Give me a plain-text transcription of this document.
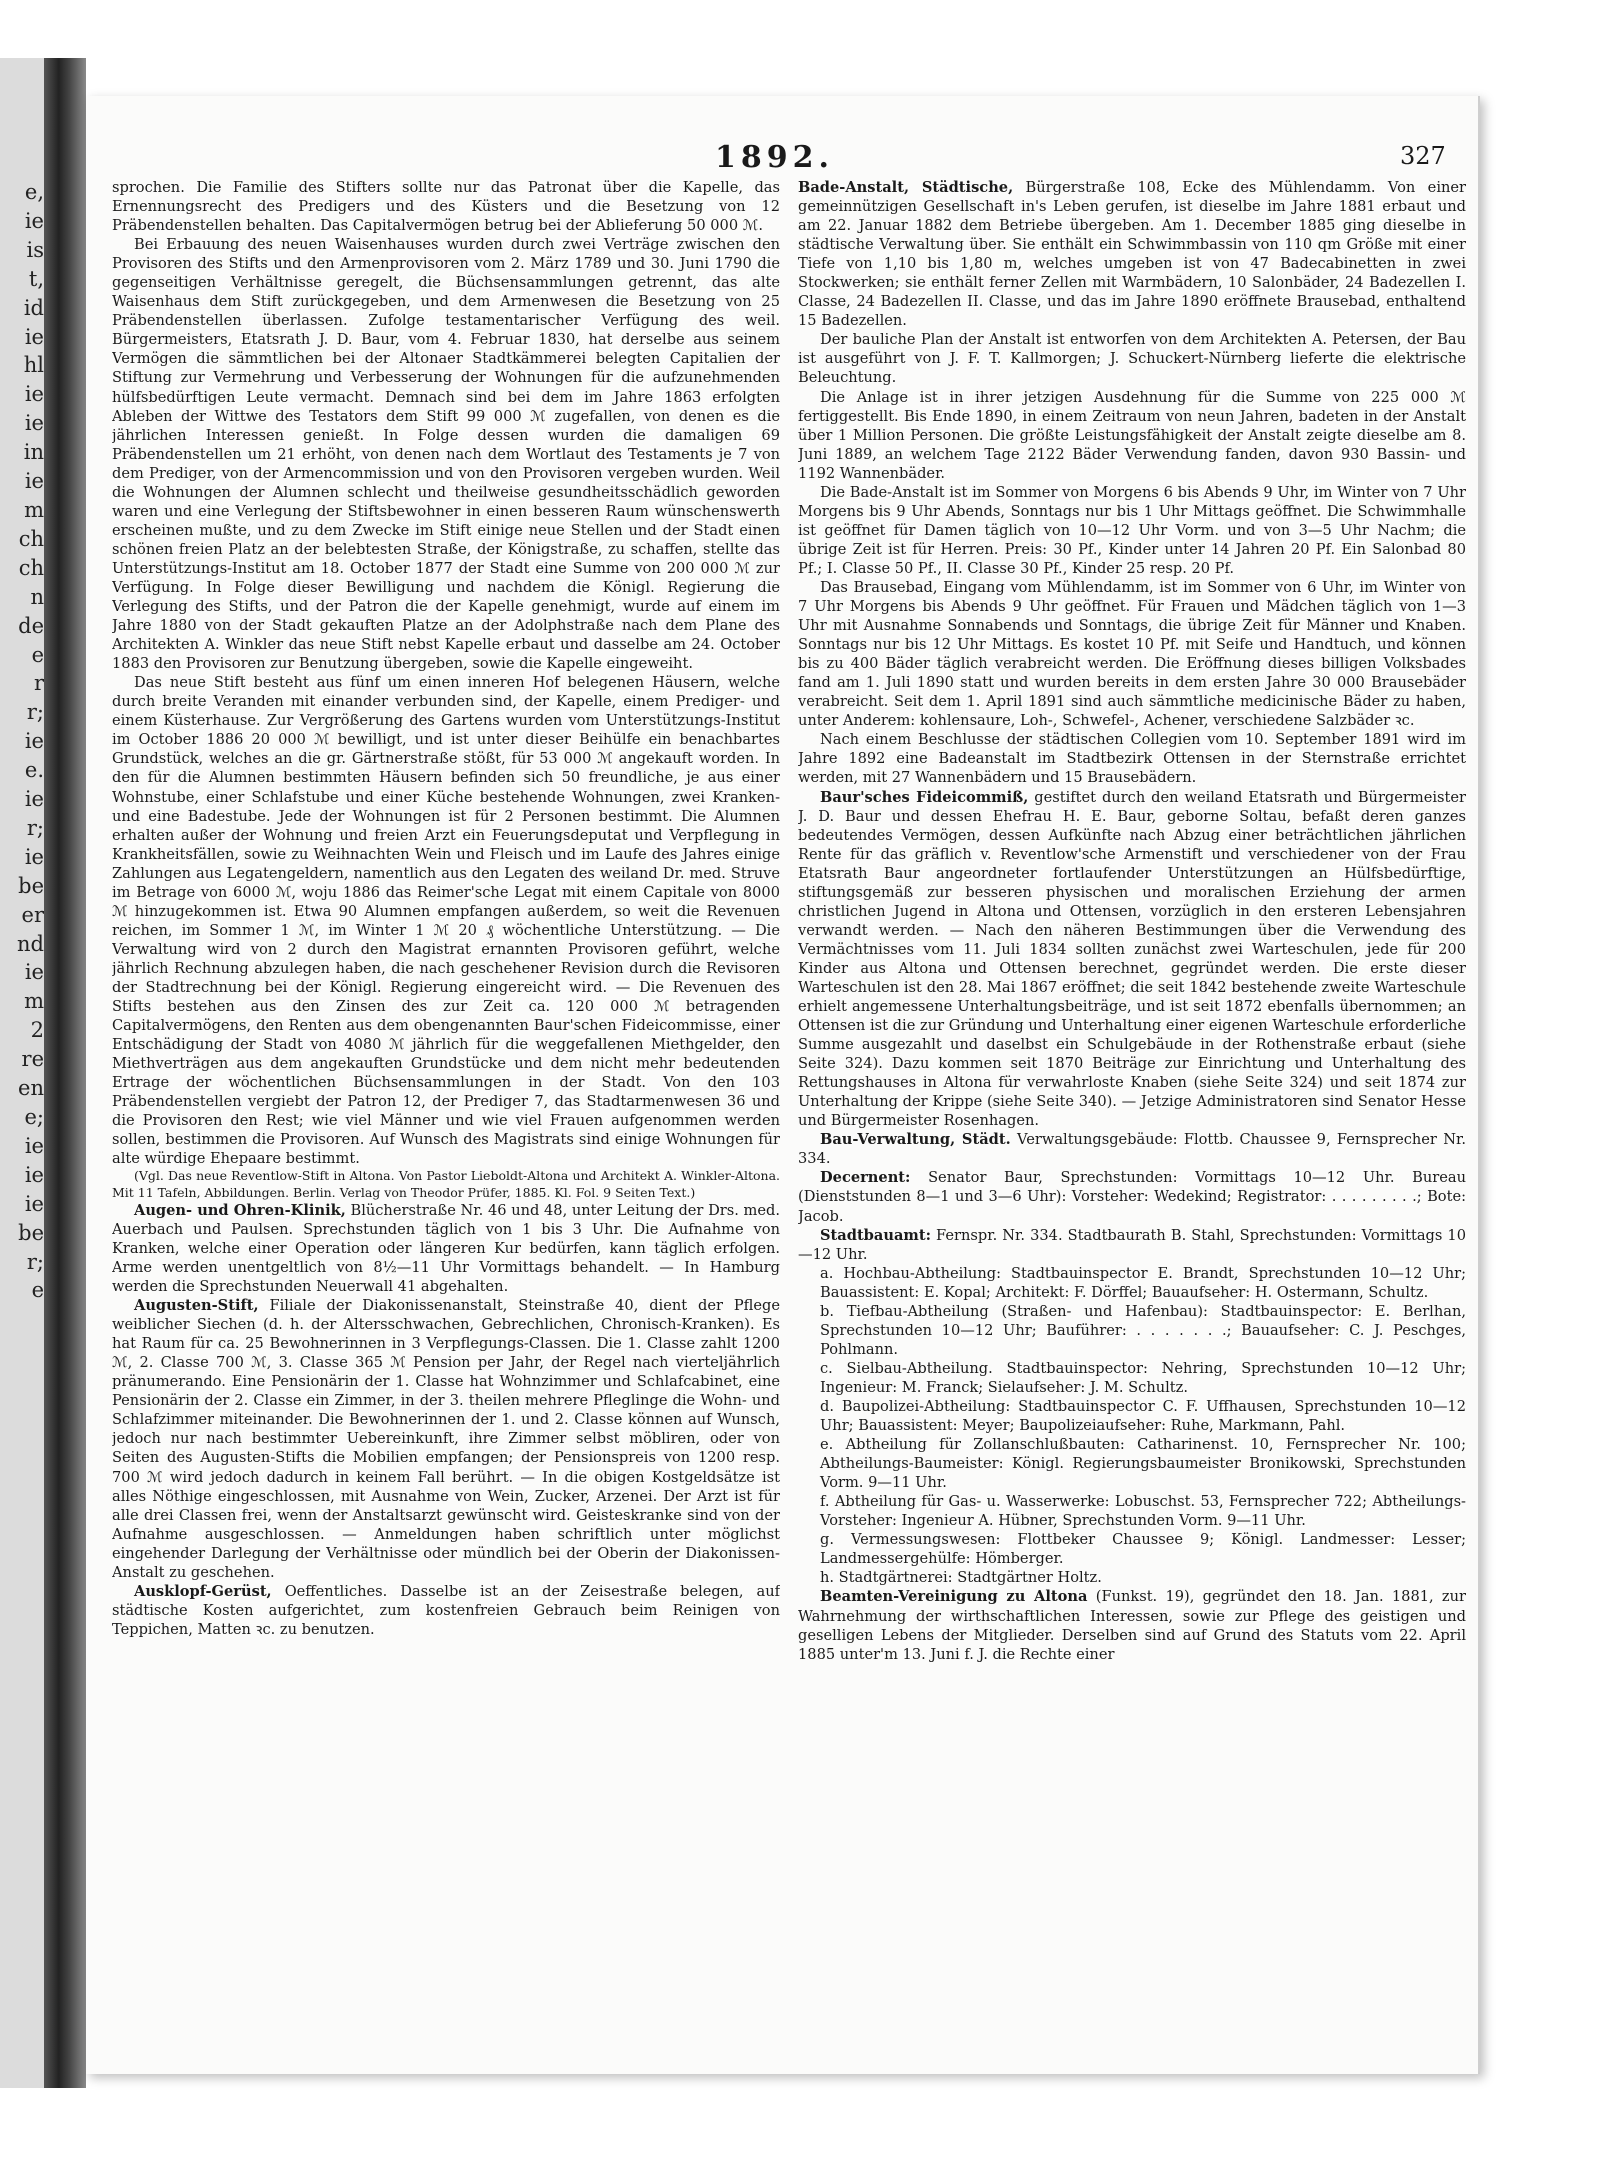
e,
ie
is
t,
id
ie
hl
ie
ie
in
ie
m
ch
ch
n
de
e
r
r;
ie
e.
ie
r;
ie
be
er
nd
ie
m
2
re
en
e;
ie
ie
ie
be
r;
e
1892.	327

sprochen. Die Familie des Stifters sollte nur das Patronat über die Kapelle, das Ernennungsrecht des Predigers und des Küsters und die Besetzung von 12 Präbendenstellen behalten. Das Capitalvermögen betrug bei der Ablieferung 50 000 ℳ.

Bei Erbauung des neuen Waisenhauses wurden durch zwei Verträge zwischen den Provisoren des Stifts und den Armenprovisoren vom 2. März 1789 und 30. Juni 1790 die gegenseitigen Verhältnisse geregelt, die Büchsensammlungen getrennt, das alte Waisenhaus dem Stift zurückgegeben, und dem Armenwesen die Besetzung von 25 Präbendenstellen überlassen. Zufolge testamentarischer Verfügung des weil. Bürgermeisters, Etatsrath J. D. Baur, vom 4. Februar 1830, hat derselbe aus seinem Vermögen die sämmtlichen bei der Altonaer Stadtkämmerei belegten Capitalien der Stiftung zur Vermehrung und Verbesserung der Wohnungen für die aufzunehmenden hülfsbedürftigen Leute vermacht. Demnach sind bei dem im Jahre 1863 erfolgten Ableben der Wittwe des Testators dem Stift 99 000 ℳ zugefallen, von denen es die jährlichen Interessen genießt. In Folge dessen wurden die damaligen 69 Präbendenstellen um 21 erhöht, von denen nach dem Wortlaut des Testaments je 7 von dem Prediger, von der Armencommission und von den Provisoren vergeben wurden. Weil die Wohnungen der Alumnen schlecht und theilweise gesundheitsschädlich geworden waren und eine Verlegung der Stiftsbewohner in einen besseren Raum wünschenswerth erscheinen mußte, und zu dem Zwecke im Stift einige neue Stellen und der Stadt einen schönen freien Platz an der belebtesten Straße, der Königstraße, zu schaffen, stellte das Unterstützungs-Institut am 18. October 1877 der Stadt eine Summe von 200 000 ℳ zur Verfügung. In Folge dieser Bewilligung und nachdem die Königl. Regierung die Verlegung des Stifts, und der Patron die der Kapelle genehmigt, wurde auf einem im Jahre 1880 von der Stadt gekauften Platze an der Adolphstraße nach dem Plane des Architekten A. Winkler das neue Stift nebst Kapelle erbaut und dasselbe am 24. October 1883 den Provisoren zur Benutzung übergeben, sowie die Kapelle eingeweiht.

Das neue Stift besteht aus fünf um einen inneren Hof belegenen Häusern, welche durch breite Veranden mit einander verbunden sind, der Kapelle, einem Prediger- und einem Küsterhause. Zur Vergrößerung des Gartens wurden vom Unterstützungs-Institut im October 1886 20 000 ℳ bewilligt, und ist unter dieser Beihülfe ein benachbartes Grundstück, welches an die gr. Gärtnerstraße stößt, für 53 000 ℳ angekauft worden. In den für die Alumnen bestimmten Häusern befinden sich 50 freundliche, je aus einer Wohnstube, einer Schlafstube und einer Küche bestehende Wohnungen, zwei Kranken- und eine Badestube. Jede der Wohnungen ist für 2 Personen bestimmt. Die Alumnen erhalten außer der Wohnung und freien Arzt ein Feuerungsdeputat und Verpflegung in Krankheitsfällen, sowie zu Weihnachten Wein und Fleisch und im Laufe des Jahres einige Zahlungen aus Legatengeldern, namentlich aus den Legaten des weiland Dr. med. Struve im Betrage von 6000 ℳ, woju 1886 das Reimer'sche Legat mit einem Capitale von 8000 ℳ hinzugekommen ist. Etwa 90 Alumnen empfangen außerdem, so weit die Revenuen reichen, im Sommer 1 ℳ, im Winter 1 ℳ 20 ₰ wöchentliche Unterstützung. — Die Verwaltung wird von 2 durch den Magistrat ernannten Provisoren geführt, welche jährlich Rechnung abzulegen haben, die nach geschehener Revision durch die Revisoren der Stadtrechnung bei der Königl. Regierung eingereicht wird. — Die Revenuen des Stifts bestehen aus den Zinsen des zur Zeit ca. 120 000 ℳ betragenden Capitalvermögens, den Renten aus dem obengenannten Baur'schen Fideicommisse, einer Entschädigung der Stadt von 4080 ℳ jährlich für die weggefallenen Miethgelder, den Miethverträgen aus dem angekauften Grundstücke und dem nicht mehr bedeutenden Ertrage der wöchentlichen Büchsensammlungen in der Stadt. Von den 103 Präbendenstellen vergiebt der Patron 12, der Prediger 7, das Stadtarmenwesen 36 und die Provisoren den Rest; wie viel Männer und wie viel Frauen aufgenommen werden sollen, bestimmen die Provisoren. Auf Wunsch des Magistrats sind einige Wohnungen für alte würdige Ehepaare bestimmt.

(Vgl. Das neue Reventlow-Stift in Altona. Von Pastor Lieboldt-Altona und Architekt A. Winkler-Altona. Mit 11 Tafeln, Abbildungen. Berlin. Verlag von Theodor Prüfer, 1885. Kl. Fol. 9 Seiten Text.)

Augen- und Ohren-Klinik, Blücherstraße Nr. 46 und 48, unter Leitung der Drs. med. Auerbach und Paulsen. Sprechstunden täglich von 1 bis 3 Uhr. Die Aufnahme von Kranken, welche einer Operation oder längeren Kur bedürfen, kann täglich erfolgen. Arme werden unentgeltlich von 8½—11 Uhr Vormittags behandelt. — In Hamburg werden die Sprechstunden Neuerwall 41 abgehalten.

Augusten-Stift, Filiale der Diakonissenanstalt, Steinstraße 40, dient der Pflege weiblicher Siechen (d. h. der Altersschwachen, Gebrechlichen, Chronisch-Kranken). Es hat Raum für ca. 25 Bewohnerinnen in 3 Verpflegungs-Classen. Die 1. Classe zahlt 1200 ℳ, 2. Classe 700 ℳ, 3. Classe 365 ℳ Pension per Jahr, der Regel nach vierteljährlich pränumerando. Eine Pensionärin der 1. Classe hat Wohnzimmer und Schlafcabinet, eine Pensionärin der 2. Classe ein Zimmer, in der 3. theilen mehrere Pfleglinge die Wohn- und Schlafzimmer miteinander. Die Bewohnerinnen der 1. und 2. Classe können auf Wunsch, jedoch nur nach bestimmter Uebereinkunft, ihre Zimmer selbst möbliren, oder von Seiten des Augusten-Stifts die Mobilien empfangen; der Pensionspreis von 1200 resp. 700 ℳ wird jedoch dadurch in keinem Fall berührt. — In die obigen Kostgeldsätze ist alles Nöthige eingeschlossen, mit Ausnahme von Wein, Zucker, Arzenei. Der Arzt ist für alle drei Classen frei, wenn der Anstaltsarzt gewünscht wird. Geisteskranke sind von der Aufnahme ausgeschlossen. — Anmeldungen haben schriftlich unter möglichst eingehender Darlegung der Verhältnisse oder mündlich bei der Oberin der Diakonissen-Anstalt zu geschehen.

Ausklopf-Gerüst, Oeffentliches. Dasselbe ist an der Zeisestraße belegen, auf städtische Kosten aufgerichtet, zum kostenfreien Gebrauch beim Reinigen von Teppichen, Matten ꝛc. zu benutzen.

Bade-Anstalt, Städtische, Bürgerstraße 108, Ecke des Mühlendamm. Von einer gemeinnützigen Gesellschaft in's Leben gerufen, ist dieselbe im Jahre 1881 erbaut und am 22. Januar 1882 dem Betriebe übergeben. Am 1. December 1885 ging dieselbe in städtische Verwaltung über. Sie enthält ein Schwimmbassin von 110 qm Größe mit einer Tiefe von 1,10 bis 1,80 m, welches umgeben ist von 47 Badecabinetten in zwei Stockwerken; sie enthält ferner Zellen mit Warmbädern, 10 Salonbäder, 24 Badezellen I. Classe, 24 Badezellen II. Classe, und das im Jahre 1890 eröffnete Brausebad, enthaltend 15 Badezellen.

Der bauliche Plan der Anstalt ist entworfen von dem Architekten A. Petersen, der Bau ist ausgeführt von J. F. T. Kallmorgen; J. Schuckert-Nürnberg lieferte die elektrische Beleuchtung.

Die Anlage ist in ihrer jetzigen Ausdehnung für die Summe von 225 000 ℳ fertiggestellt. Bis Ende 1890, in einem Zeitraum von neun Jahren, badeten in der Anstalt über 1 Million Personen. Die größte Leistungsfähigkeit der Anstalt zeigte dieselbe am 8. Juni 1889, an welchem Tage 2122 Bäder Verwendung fanden, davon 930 Bassin- und 1192 Wannenbäder.

Die Bade-Anstalt ist im Sommer von Morgens 6 bis Abends 9 Uhr, im Winter von 7 Uhr Morgens bis 9 Uhr Abends, Sonntags nur bis 1 Uhr Mittags geöffnet. Die Schwimmhalle ist geöffnet für Damen täglich von 10—12 Uhr Vorm. und von 3—5 Uhr Nachm; die übrige Zeit ist für Herren. Preis: 30 Pf., Kinder unter 14 Jahren 20 Pf. Ein Salonbad 80 Pf.; I. Classe 50 Pf., II. Classe 30 Pf., Kinder 25 resp. 20 Pf.

Das Brausebad, Eingang vom Mühlendamm, ist im Sommer von 6 Uhr, im Winter von 7 Uhr Morgens bis Abends 9 Uhr geöffnet. Für Frauen und Mädchen täglich von 1—3 Uhr mit Ausnahme Sonnabends und Sonntags, die übrige Zeit für Männer und Knaben. Sonntags nur bis 12 Uhr Mittags. Es kostet 10 Pf. mit Seife und Handtuch, und können bis zu 400 Bäder täglich verabreicht werden. Die Eröffnung dieses billigen Volksbades fand am 1. Juli 1890 statt und wurden bereits in dem ersten Jahre 30 000 Brausebäder verabreicht. Seit dem 1. April 1891 sind auch sämmtliche medicinische Bäder zu haben, unter Anderem: kohlensaure, Loh-, Schwefel-, Achener, verschiedene Salzbäder ꝛc.

Nach einem Beschlusse der städtischen Collegien vom 10. September 1891 wird im Jahre 1892 eine Badeanstalt im Stadtbezirk Ottensen in der Sternstraße errichtet werden, mit 27 Wannenbädern und 15 Brausebädern.

Baur'sches Fideicommiß, gestiftet durch den weiland Etatsrath und Bürgermeister J. D. Baur und dessen Ehefrau H. E. Baur, geborne Soltau, befaßt deren ganzes bedeutendes Vermögen, dessen Aufkünfte nach Abzug einer beträchtlichen jährlichen Rente für das gräflich v. Reventlow'sche Armenstift und verschiedener von der Frau Etatsrath Baur angeordneter fortlaufender Unterstützungen an Hülfsbedürftige, stiftungsgemäß zur besseren physischen und moralischen Erziehung der armen christlichen Jugend in Altona und Ottensen, vorzüglich in den ersteren Lebensjahren verwandt werden. — Nach den näheren Bestimmungen über die Verwendung des Vermächtnisses vom 11. Juli 1834 sollten zunächst zwei Warteschulen, jede für 200 Kinder aus Altona und Ottensen berechnet, gegründet werden. Die erste dieser Warteschulen ist den 28. Mai 1867 eröffnet; die seit 1842 bestehende zweite Warteschule erhielt angemessene Unterhaltungsbeiträge, und ist seit 1872 ebenfalls übernommen; an Ottensen ist die zur Gründung und Unterhaltung einer eigenen Warteschule erforderliche Summe ausgezahlt und daselbst ein Schulgebäude in der Rothenstraße erbaut (siehe Seite 324). Dazu kommen seit 1870 Beiträge zur Einrichtung und Unterhaltung des Rettungshauses in Altona für verwahrloste Knaben (siehe Seite 324) und seit 1874 zur Unterhaltung der Krippe (siehe Seite 340). — Jetzige Administratoren sind Senator Hesse und Bürgermeister Rosenhagen.

Bau-Verwaltung, Städt. Verwaltungsgebäude: Flottb. Chaussee 9, Fernsprecher Nr. 334.

Decernent: Senator Baur, Sprechstunden: Vormittags 10—12 Uhr. Bureau (Dienststunden 8—1 und 3—6 Uhr): Vorsteher: Wedekind; Registrator: . . . . . . . . .; Bote: Jacob.

Stadtbauamt: Fernspr. Nr. 334. Stadtbaurath B. Stahl, Sprechstunden: Vormittags 10—12 Uhr.

a. Hochbau-Abtheilung: Stadtbauinspector E. Brandt, Sprechstunden 10—12 Uhr; Bauassistent: E. Kopal; Architekt: F. Dörffel; Bauaufseher: H. Ostermann, Schultz.

b. Tiefbau-Abtheilung (Straßen- und Hafenbau): Stadtbauinspector: E. Berlhan, Sprechstunden 10—12 Uhr; Bauführer: . . . . . . .; Bauaufseher: C. J. Peschges, Pohlmann.

c. Sielbau-Abtheilung. Stadtbauinspector: Nehring, Sprechstunden 10—12 Uhr; Ingenieur: M. Franck; Sielaufseher: J. M. Schultz.

d. Baupolizei-Abtheilung: Stadtbauinspector C. F. Uffhausen, Sprechstunden 10—12 Uhr; Bauassistent: Meyer; Baupolizeiaufseher: Ruhe, Markmann, Pahl.

e. Abtheilung für Zollanschlußbauten: Catharinenst. 10, Fernsprecher Nr. 100; Abtheilungs-Baumeister: Königl. Regierungsbaumeister Bronikowski, Sprechstunden Vorm. 9—11 Uhr.

f. Abtheilung für Gas- u. Wasserwerke: Lobuschst. 53, Fernsprecher 722; Abtheilungs-Vorsteher: Ingenieur A. Hübner, Sprechstunden Vorm. 9—11 Uhr.

g. Vermessungswesen: Flottbeker Chaussee 9; Königl. Landmesser: Lesser; Landmessergehülfe: Hömberger.

h. Stadtgärtnerei: Stadtgärtner Holtz.

Beamten-Vereinigung zu Altona (Funkst. 19), gegründet den 18. Jan. 1881, zur Wahrnehmung der wirthschaftlichen Interessen, sowie zur Pflege des geistigen und geselligen Lebens der Mitglieder. Derselben sind auf Grund des Statuts vom 22. April 1885 unter'm 13. Juni f. J. die Rechte einer
